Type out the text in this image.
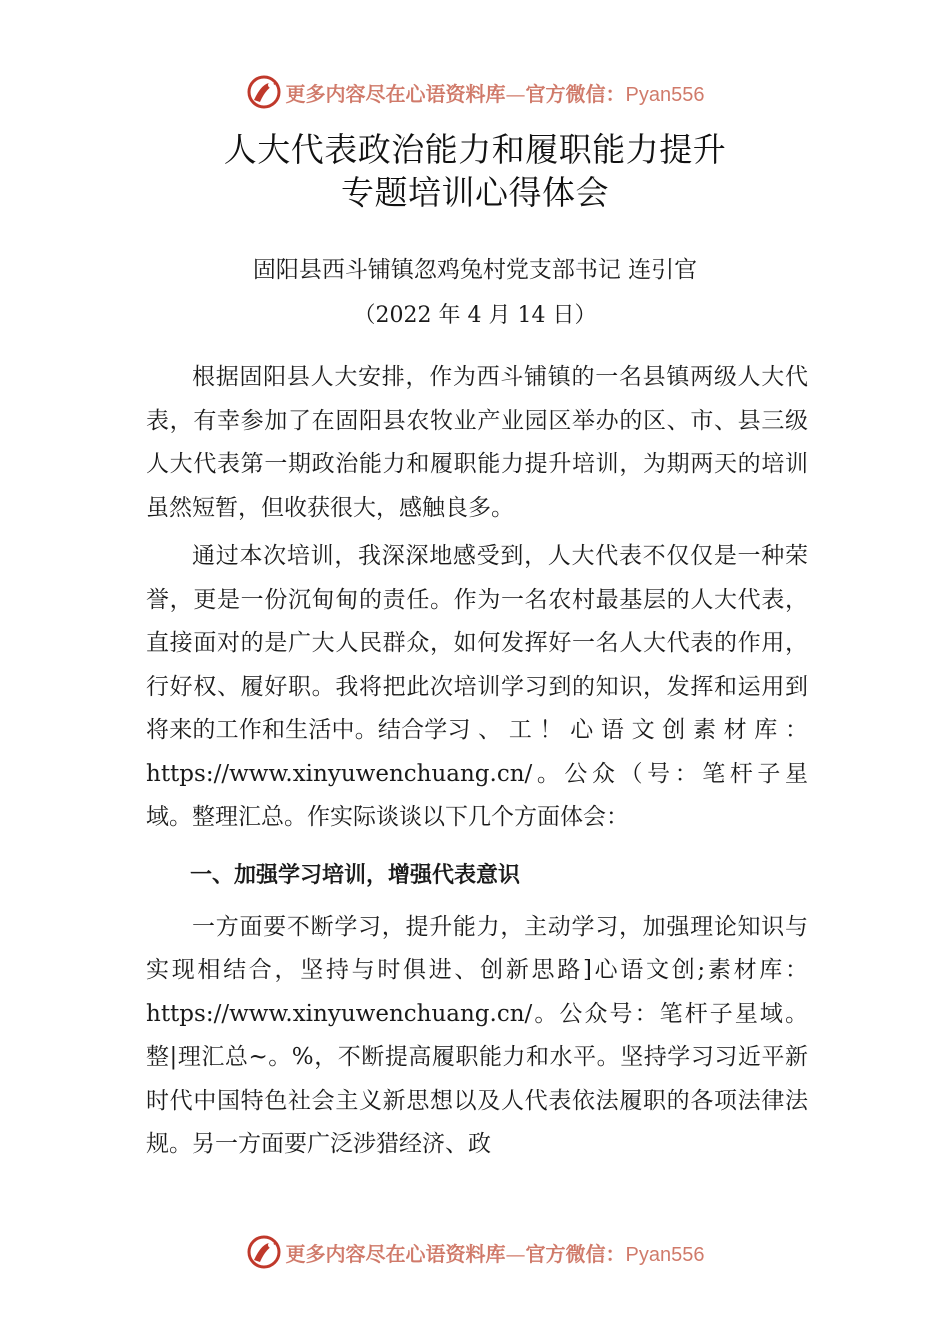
更多内容尽在心语资料库—官方微信：Pyan556
人大代表政治能力和履职能力提升
专题培训心得体会
固阳县西斗铺镇忽鸡兔村党支部书记 连引官
（2022 年 4 月 14 日）

根据固阳县人大安排，作为西斗铺镇的一名县镇两级人大代表，有幸参加了在固阳县农牧业产业园区举办的区、市、县三级人大代表第一期政治能力和履职能力提升培训，为期两天的培训虽然短暂，但收获很大，感触良多。

通过本次培训，我深深地感受到，人大代表不仅仅是一种荣誉，更是一份沉甸甸的责任。作为一名农村最基层的人大代表，直接面对的是广大人民群众，如何发挥好一名人大代表的作用，行好权、履好职。我将把此次培训学习到的知识，发挥和运用到将来的工作和生活中。结合学习 、 工 ！ 心 语 文 创 素 材 库 ： https://www.xinyuwenchuang.cn/。公众（号：笔杆子星域。整理汇总。作实际谈谈以下几个方面体会：

一、加强学习培训，增强代表意识

一方面要不断学习，提升能力，主动学习，加强理论知识与实现相结合，坚持与时俱进、创新思路]心语文创;素材库：https://www.xinyuwenchuang.cn/。公众号：笔杆子星域。整|理汇总~。%，不断提高履职能力和水平。坚持学习习近平新时代中国特色社会主义新思想以及人代表依法履职的各项法律法规。另一方面要广泛涉猎经济、政

更多内容尽在心语资料库—官方微信：Pyan556
